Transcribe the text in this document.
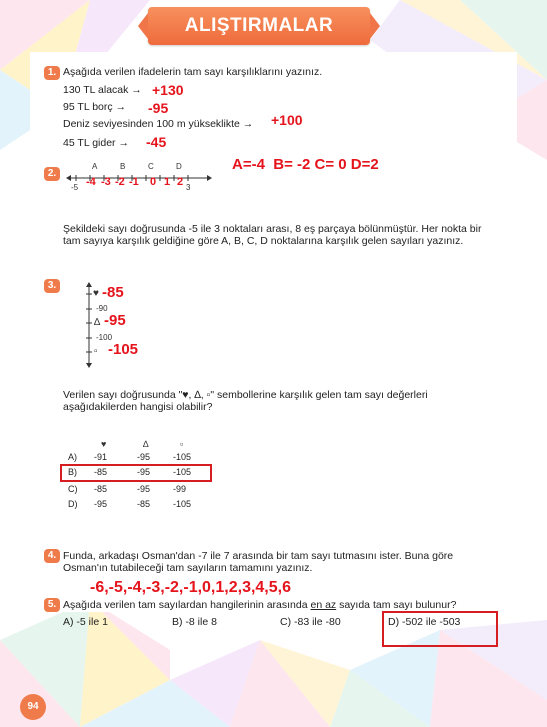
ALIŞTIRMALAR
1. Aşağıda verilen ifadelerin tam sayı karşılıklarını yazınız.
130 TL alacak → +130
95 TL borç → -95
Deniz seviyesinden 100 m yükseklikte → +100
45 TL gider → -45
2.
A	B	C	D
-5	3
-4 -3 -2 -1 0 1 2
A=-4  B= -2 C= 0 D=2
Şekildeki sayı doğrusunda -5 ile 3 noktaları arası, 8 eş parçaya bölünmüştür. Her nokta bir
tam sayıya karşılık geldiğine göre A, B, C, D noktalarına karşılık gelen sayıları yazınız.
3.
♥ -85
-90
∆ -95
-100
▫ -105
Verilen sayı doğrusunda "♥, ∆, ▫" sembollerine karşılık gelen tam sayı değerleri
aşağıdakilerden hangisi olabilir?
♥	∆	▫
A) -91	-95	-105
B) -85	-95	-105
C) -85	-95	-99
D) -95	-85	-105
4. Funda, arkadaşı Osman'dan -7 ile 7 arasında bir tam sayı tutmasını ister. Buna göre
Osman'ın tutabileceği tam sayıların tamamını yazınız.
-6,-5,-4,-3,-2,-1,0,1,2,3,4,5,6
5. Aşağıda verilen tam sayılardan hangilerinin arasında en az sayıda tam sayı bulunur?
A) -5 ile 1	B) -8 ile 8	C) -83 ile -80	D) -502 ile -503
94
